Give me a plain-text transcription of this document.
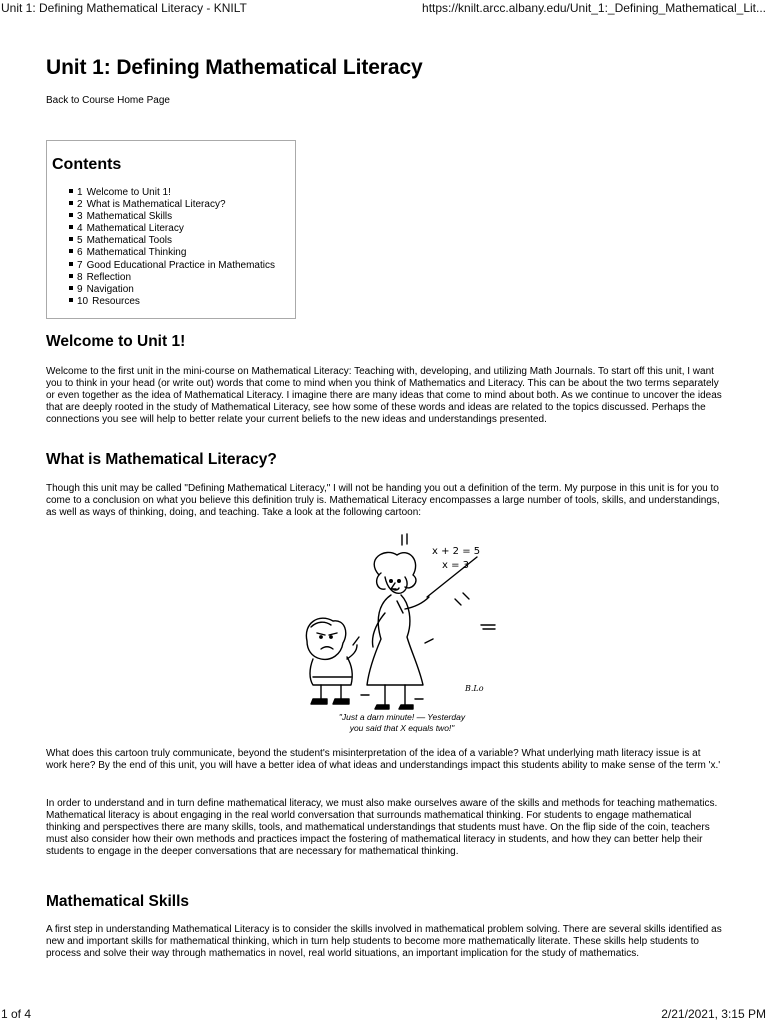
Unit 1: Defining Mathematical Literacy - KNILT	https://knilt.arcc.albany.edu/Unit_1:_Defining_Mathematical_Lit...
Unit 1: Defining Mathematical Literacy
Back to Course Home Page
Contents
1 Welcome to Unit 1!
2 What is Mathematical Literacy?
3 Mathematical Skills
4 Mathematical Literacy
5 Mathematical Tools
6 Mathematical Thinking
7 Good Educational Practice in Mathematics
8 Reflection
9 Navigation
10 Resources
Welcome to Unit 1!

Welcome to the first unit in the mini-course on Mathematical Literacy: Teaching with, developing, and utilizing Math Journals. To start off this unit, I want you to think in your head (or write out) words that come to mind when you think of Mathematics and Literacy. This can be about the two terms separately or even together as the idea of Mathematical Literacy. I imagine there are many ideas that come to mind about both. As we continue to uncover the ideas that are deeply rooted in the study of Mathematical Literacy, see how some of these words and ideas are related to the topics discussed. Perhaps the connections you see will help to better relate your current beliefs to the new ideas and understandings presented.

What is Mathematical Literacy?

Though this unit may be called "Defining Mathematical Literacy," I will not be handing you out a definition of the term. My purpose in this unit is for you to come to a conclusion on what you believe this definition truly is. Mathematical Literacy encompasses a large number of tools, skills, and understandings, as well as ways of thinking, doing, and teaching. Take a look at the following cartoon:

x + 2 = 5
x = 3
B.Lo
"Just a darn minute! — Yesterday
you said that X equals two!"

What does this cartoon truly communicate, beyond the student's misinterpretation of the idea of a variable? What underlying math literacy issue is at work here? By the end of this unit, you will have a better idea of what ideas and understandings impact this students ability to make sense of the term 'x.'

In order to understand and in turn define mathematical literacy, we must also make ourselves aware of the skills and methods for teaching mathematics. Mathematical literacy is about engaging in the real world conversation that surrounds mathematical thinking. For students to engage mathematical thinking and perspectives there are many skills, tools, and mathematical understandings that students must have. On the flip side of the coin, teachers must also consider how their own methods and practices impact the fostering of mathematical literacy in students, and how they can better help their students to engage in the deeper conversations that are necessary for mathematical thinking.

Mathematical Skills

A first step in understanding Mathematical Literacy is to consider the skills involved in mathematical problem solving. There are several skills identified as new and important skills for mathematical thinking, which in turn help students to become more mathematically literate. These skills help students to process and solve their way through mathematics in novel, real world situations, an important implication for the study of mathematics.

1 of 4	2/21/2021, 3:15 PM
